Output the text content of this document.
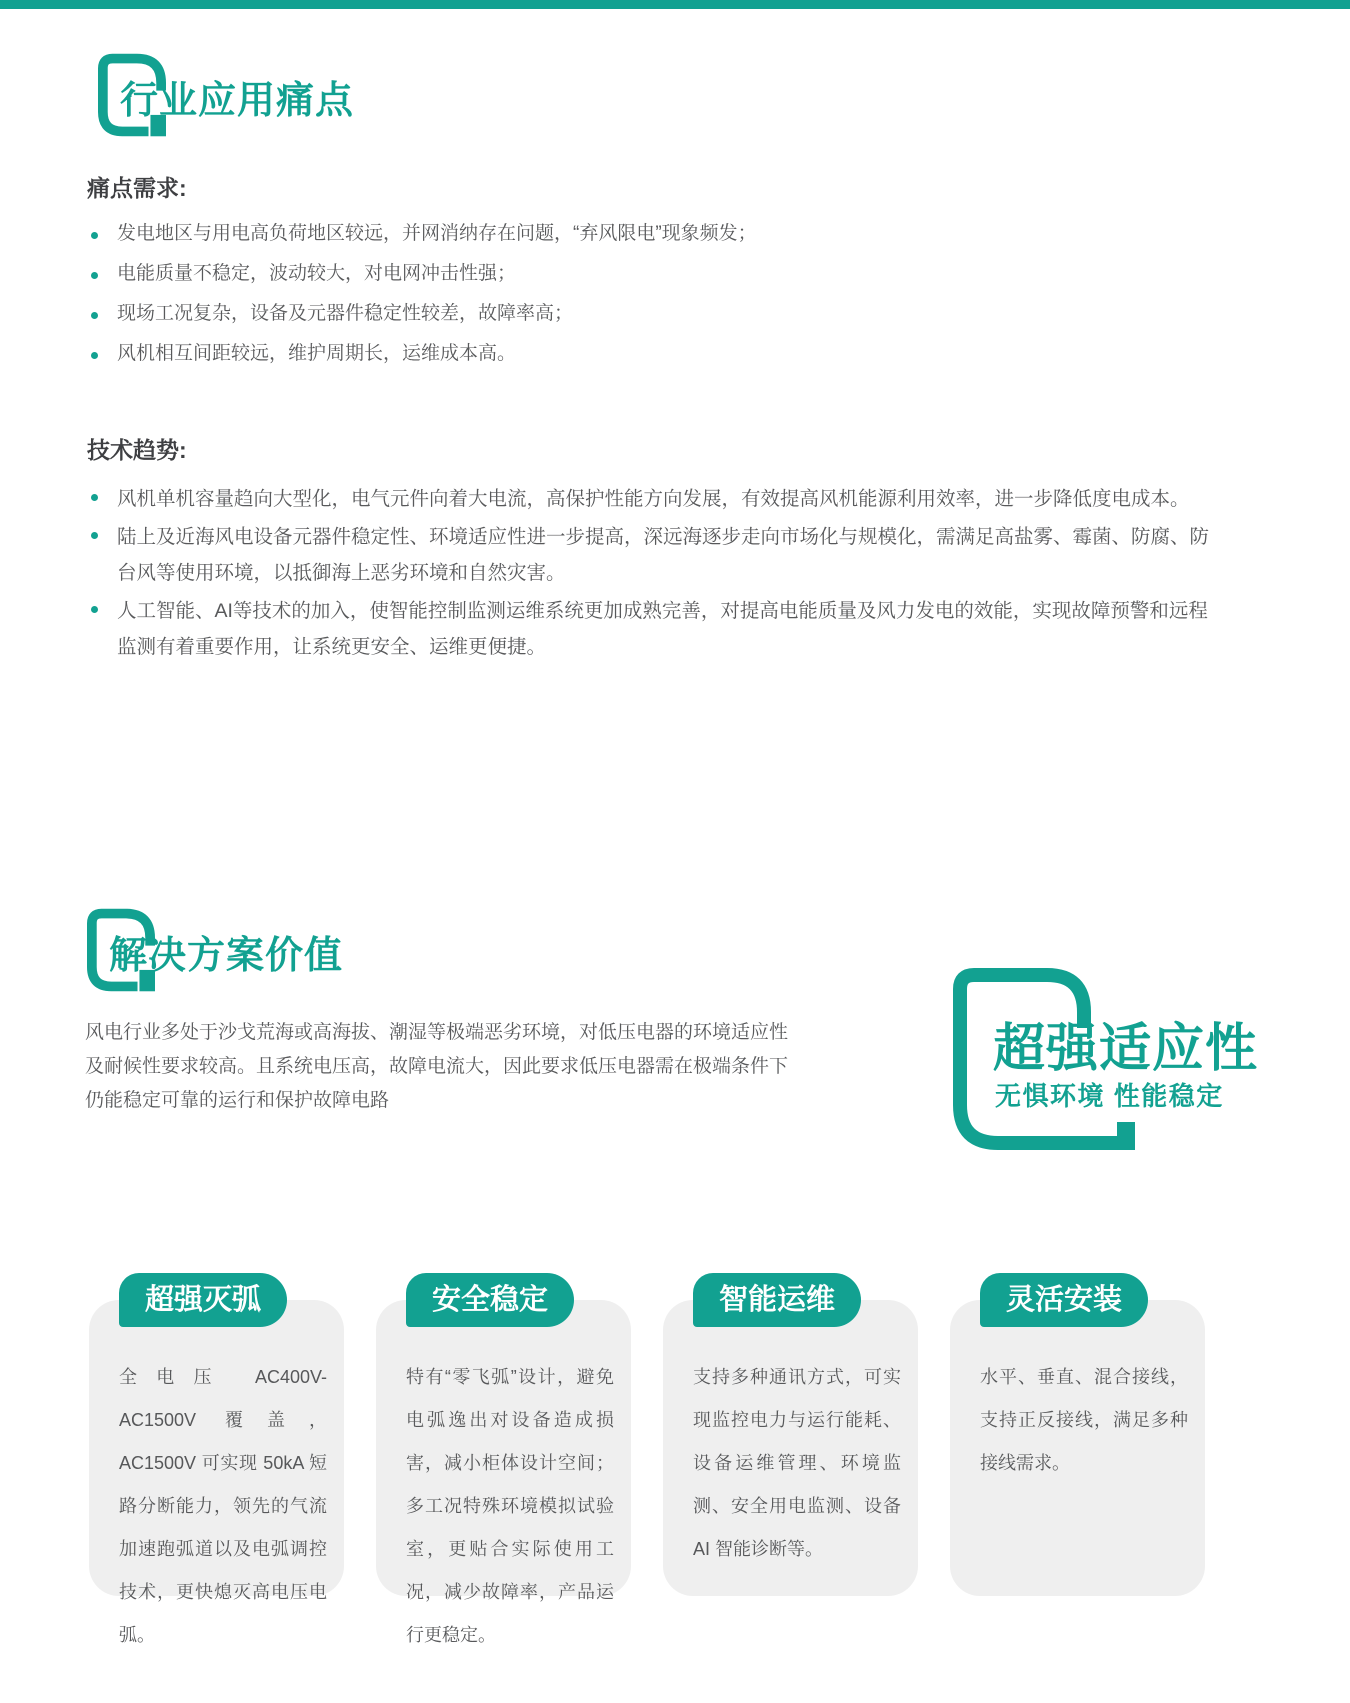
行业应用痛点
痛点需求:
发电地区与用电高负荷地区较远，并网消纳存在问题，“弃风限电”现象频发；
电能质量不稳定，波动较大，对电网冲击性强；
现场工况复杂，设备及元器件稳定性较差，故障率高；
风机相互间距较远，维护周期长，运维成本高。
技术趋势:
风机单机容量趋向大型化，电气元件向着大电流，高保护性能方向发展，有效提高风机能源利用效率，进一步降低度电成本。
陆上及近海风电设备元器件稳定性、环境适应性进一步提高，深远海逐步走向市场化与规模化，需满足高盐雾、霉菌、防腐、防台风等使用环境，以抵御海上恶劣环境和自然灾害。
人工智能、AI等技术的加入，使智能控制监测运维系统更加成熟完善，对提高电能质量及风力发电的效能，实现故障预警和远程监测有着重要作用，让系统更安全、运维更便捷。
解决方案价值
风电行业多处于沙戈荒海或高海拔、潮湿等极端恶劣环境，对低压电器的环境适应性及耐候性要求较高。且系统电压高，故障电流大，因此要求低压电器需在极端条件下仍能稳定可靠的运行和保护故障电路
超强适应性
无惧环境 性能稳定
超强灭弧
全电压 AC400V-AC1500V 覆盖，AC1500V 可实现 50kA 短路分断能力，领先的气流加速跑弧道以及电弧调控技术，更快熄灭高电压电弧。
安全稳定
特有“零飞弧”设计，避免电弧逸出对设备造成损害，减小柜体设计空间；多工况特殊环境模拟试验室，更贴合实际使用工况，减少故障率，产品运行更稳定。
智能运维
支持多种通讯方式，可实现监控电力与运行能耗、设备运维管理、环境监测、安全用电监测、设备 AI 智能诊断等。
灵活安装
水平、垂直、混合接线，支持正反接线，满足多种接线需求。
